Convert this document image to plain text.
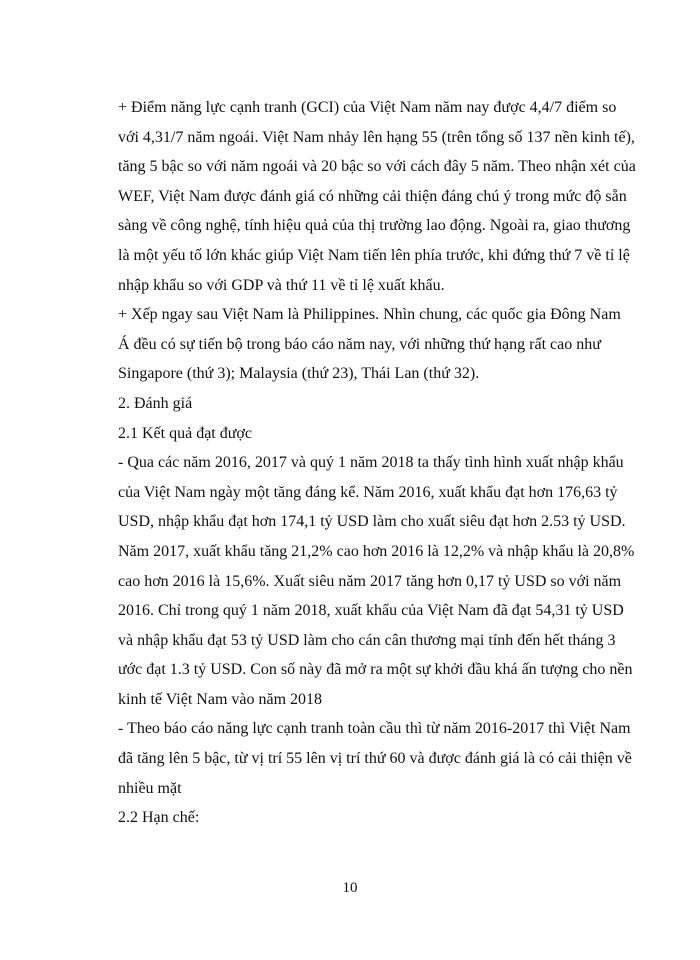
+ Điểm năng lực cạnh tranh (GCI) của Việt Nam năm nay được 4,4/7 điểm so
với 4,31/7 năm ngoái. Việt Nam nhảy lên hạng 55 (trên tổng số 137 nền kinh tế),
tăng 5 bậc so với năm ngoái và 20 bậc so với cách đây 5 năm. Theo nhận xét của
WEF, Việt Nam được đánh giá có những cải thiện đáng chú ý trong mức độ sẵn
sàng về công nghệ, tính hiệu quả của thị trường lao động. Ngoài ra, giao thương
là một yếu tố lớn khác giúp Việt Nam tiến lên phía trước, khi đứng thứ 7 về tỉ lệ
nhập khẩu so với GDP và thứ 11 về tỉ lệ xuất khẩu.

+ Xếp ngay sau Việt Nam là Philippines. Nhìn chung, các quốc gia Đông Nam
Á đều có sự tiến bộ trong báo cáo năm nay, với những thứ hạng rất cao như
Singapore (thứ 3); Malaysia (thứ 23), Thái Lan (thứ 32).

2. Đánh giá

2.1 Kết quả đạt được

- Qua các năm 2016, 2017 và quý 1 năm 2018 ta thấy tình hình xuất nhập khẩu
của Việt Nam ngày một tăng đáng kể. Năm 2016, xuất khẩu đạt hơn 176,63 tỷ
USD, nhập khẩu đạt hơn 174,1 tỷ USD làm cho xuất siêu đạt hơn 2.53 tỷ USD.
Năm 2017, xuất khẩu tăng 21,2% cao hơn 2016 là 12,2% và nhập khẩu là 20,8%
cao hơn 2016 là 15,6%. Xuất siêu năm 2017 tăng hơn 0,17 tỷ USD so với năm
2016. Chỉ trong quý 1 năm 2018, xuất khẩu của Việt Nam đã đạt 54,31 tỷ USD
và nhập khẩu đạt 53 tỷ USD làm cho cán cân thương mại tính đến hết tháng 3
ước đạt 1.3 tỷ USD. Con số này đã mở ra một sự khởi đầu khá ấn tượng cho nền
kinh tế Việt Nam vào năm 2018

- Theo báo cáo năng lực cạnh tranh toàn cầu thì từ năm 2016-2017 thì Việt Nam
đã tăng lên 5 bậc, từ vị trí 55 lên vị trí thứ 60 và được đánh giá là có cải thiện về
nhiều mặt

2.2 Hạn chế:

10
